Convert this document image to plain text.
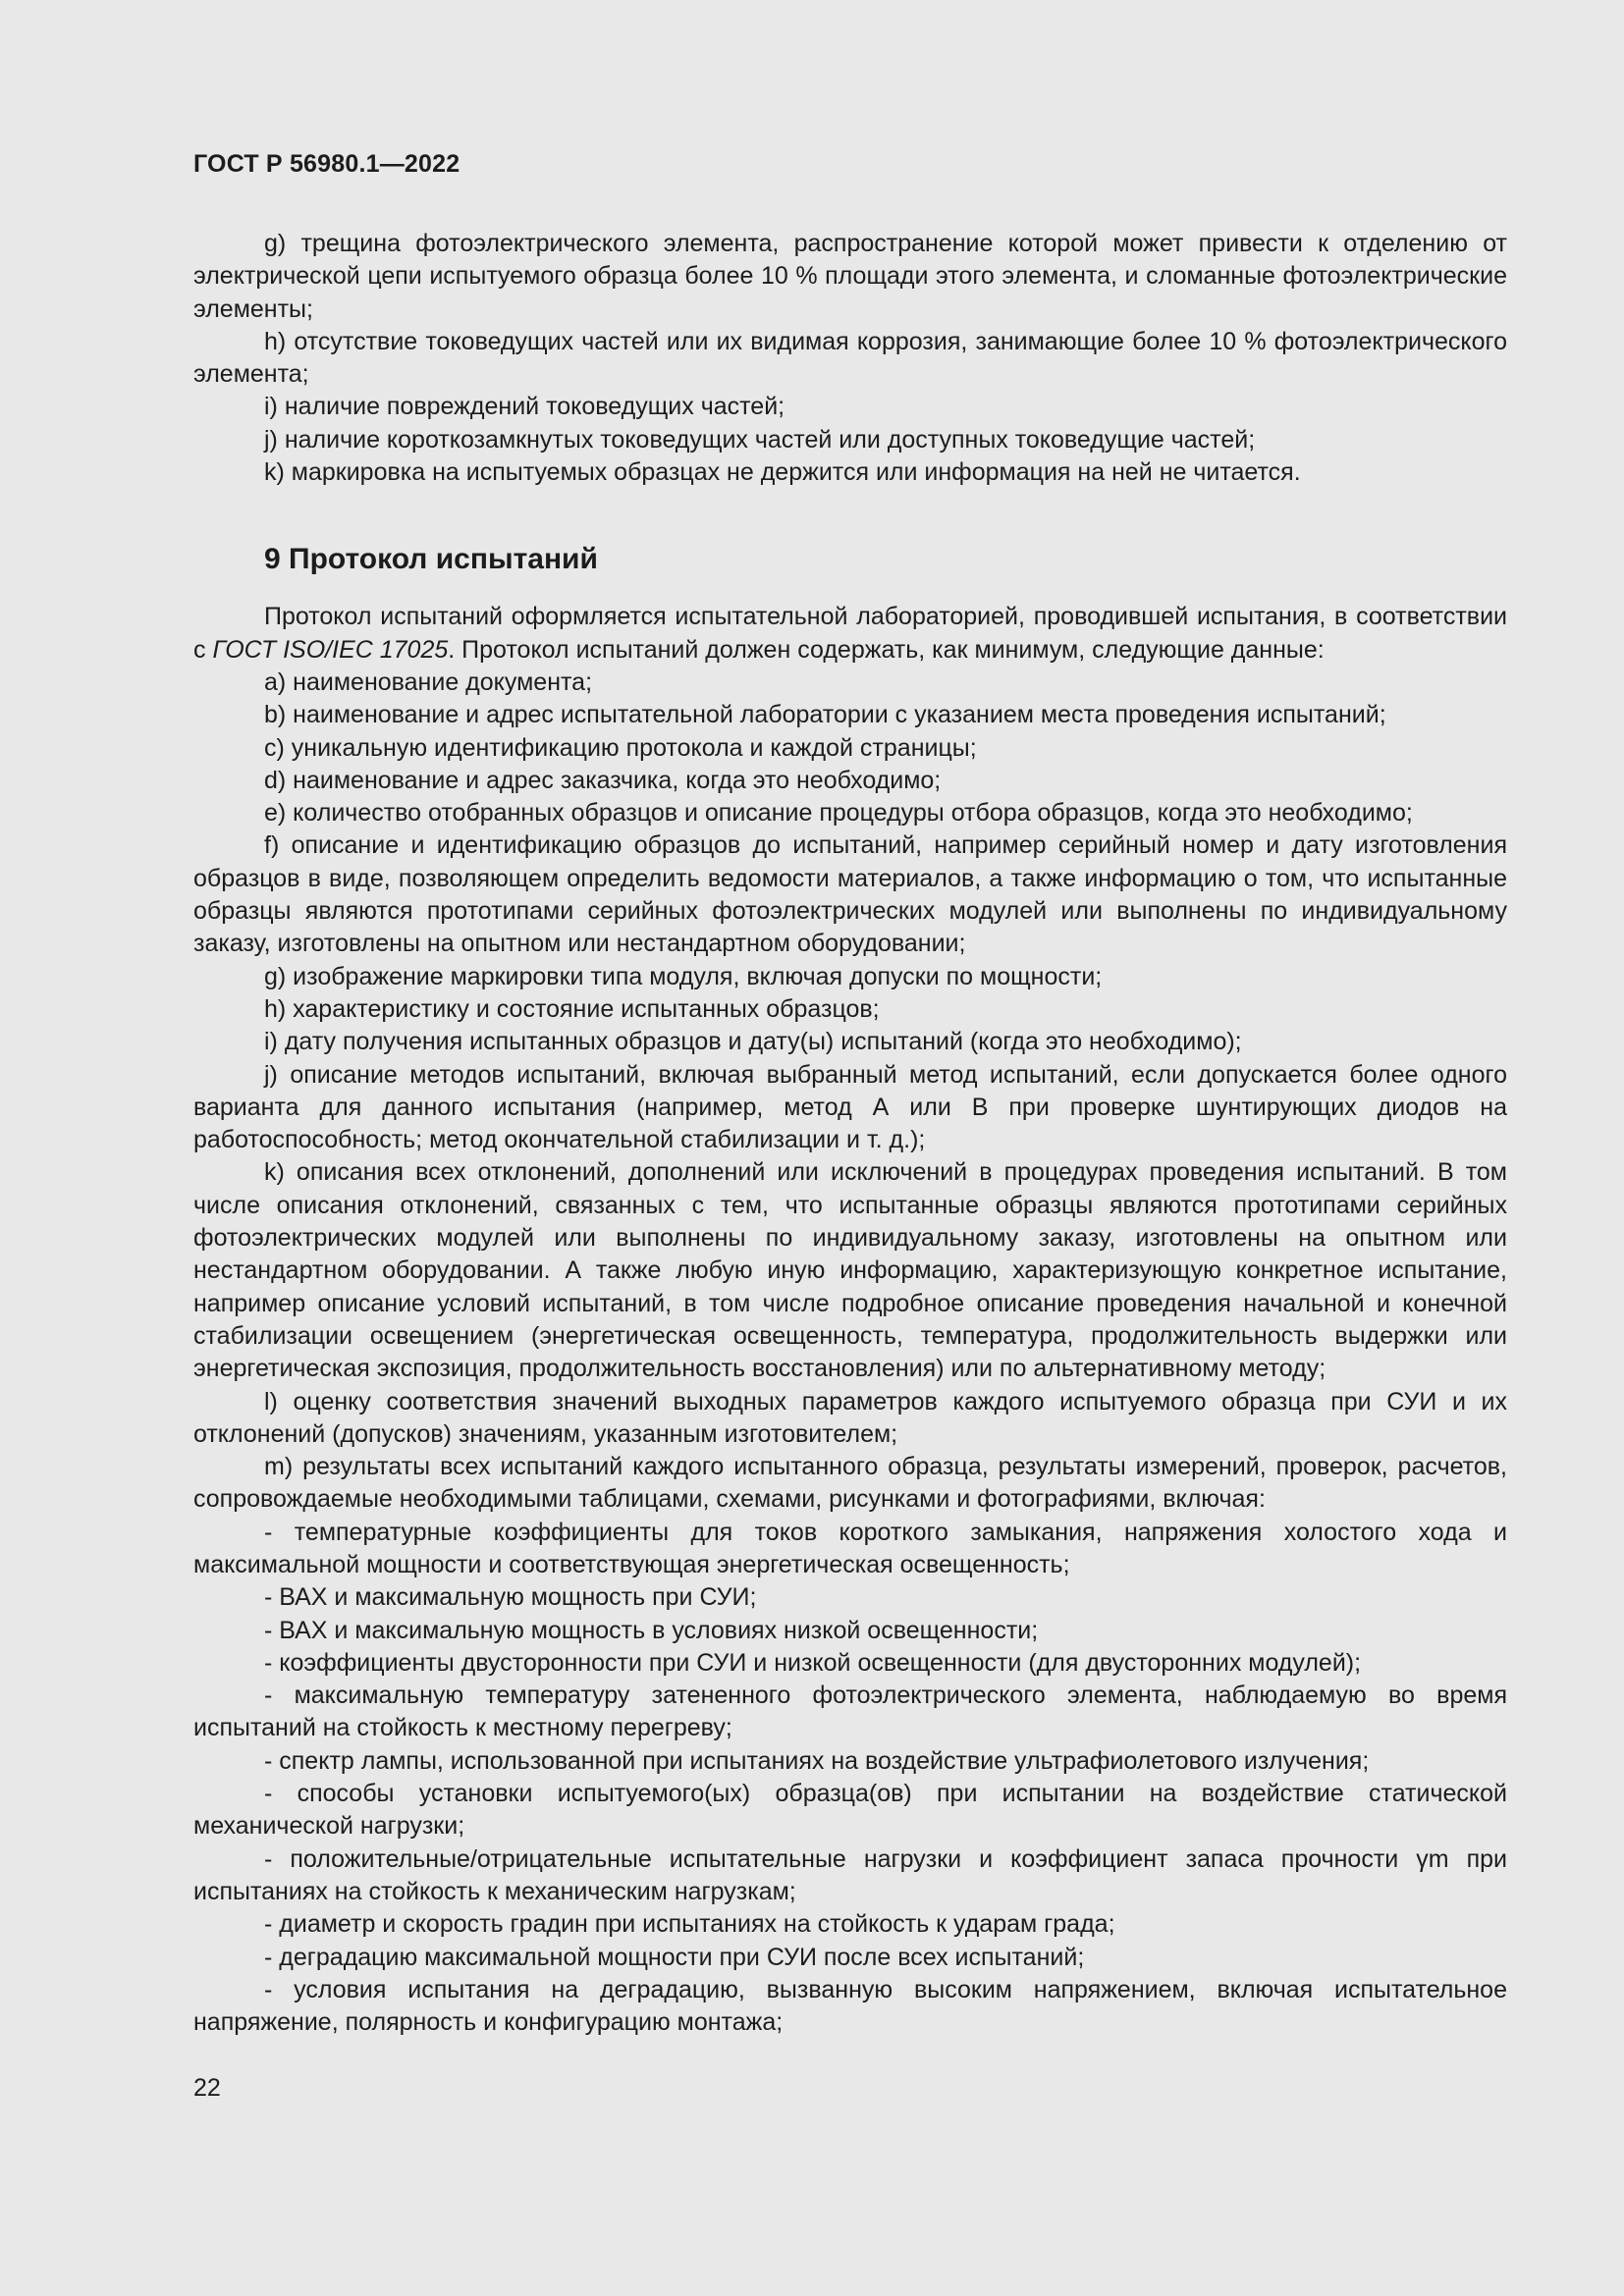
ГОСТ Р 56980.1—2022

g) трещина фотоэлектрического элемента, распространение которой может привести к отделению от электрической цепи испытуемого образца более 10 % площади этого элемента, и сломанные фотоэлектрические элементы;

h) отсутствие токоведущих частей или их видимая коррозия, занимающие более 10 % фотоэлектрического элемента;

i) наличие повреждений токоведущих частей;

j) наличие короткозамкнутых токоведущих частей или доступных токоведущие частей;

k) маркировка на испытуемых образцах не держится или информация на ней не читается.

9 Протокол испытаний

Протокол испытаний оформляется испытательной лабораторией, проводившей испытания, в соответствии с ГОСТ ISO/IEC 17025. Протокол испытаний должен содержать, как минимум, следующие данные:

a) наименование документа;

b) наименование и адрес испытательной лаборатории с указанием места проведения испытаний;

c) уникальную идентификацию протокола и каждой страницы;

d) наименование и адрес заказчика, когда это необходимо;

e) количество отобранных образцов и описание процедуры отбора образцов, когда это необходимо;

f) описание и идентификацию образцов до испытаний, например серийный номер и дату изготовления образцов в виде, позволяющем определить ведомости материалов, а также информацию о том, что испытанные образцы являются прототипами серийных фотоэлектрических модулей или выполнены по индивидуальному заказу, изготовлены на опытном или нестандартном оборудовании;

g) изображение маркировки типа модуля, включая допуски по мощности;

h) характеристику и состояние испытанных образцов;

i) дату получения испытанных образцов и дату(ы) испытаний (когда это необходимо);

j) описание методов испытаний, включая выбранный метод испытаний, если допускается более одного варианта для данного испытания (например, метод А или В при проверке шунтирующих диодов на работоспособность; метод окончательной стабилизации и т. д.);

k) описания всех отклонений, дополнений или исключений в процедурах проведения испытаний. В том числе описания отклонений, связанных с тем, что испытанные образцы являются прототипами серийных фотоэлектрических модулей или выполнены по индивидуальному заказу, изготовлены на опытном или нестандартном оборудовании. А также любую иную информацию, характеризующую конкретное испытание, например описание условий испытаний, в том числе подробное описание проведения начальной и конечной стабилизации освещением (энергетическая освещенность, температура, продолжительность выдержки или энергетическая экспозиция, продолжительность восстановления) или по альтернативному методу;

l) оценку соответствия значений выходных параметров каждого испытуемого образца при СУИ и их отклонений (допусков) значениям, указанным изготовителем;

m) результаты всех испытаний каждого испытанного образца, результаты измерений, проверок, расчетов, сопровождаемые необходимыми таблицами, схемами, рисунками и фотографиями, включая:

- температурные коэффициенты для токов короткого замыкания, напряжения холостого хода и максимальной мощности и соответствующая энергетическая освещенность;

- ВАХ и максимальную мощность при СУИ;

- ВАХ и максимальную мощность в условиях низкой освещенности;

- коэффициенты двусторонности при СУИ и низкой освещенности (для двусторонних модулей);

- максимальную температуру затененного фотоэлектрического элемента, наблюдаемую во время испытаний на стойкость к местному перегреву;

- спектр лампы, использованной при испытаниях на воздействие ультрафиолетового излучения;

- способы установки испытуемого(ых) образца(ов) при испытании на воздействие статической механической нагрузки;

- положительные/отрицательные испытательные нагрузки и коэффициент запаса прочности γm при испытаниях на стойкость к механическим нагрузкам;

- диаметр и скорость градин при испытаниях на стойкость к ударам града;

- деградацию максимальной мощности при СУИ после всех испытаний;

- условия испытания на деградацию, вызванную высоким напряжением, включая испытательное напряжение, полярность и конфигурацию монтажа;

22
